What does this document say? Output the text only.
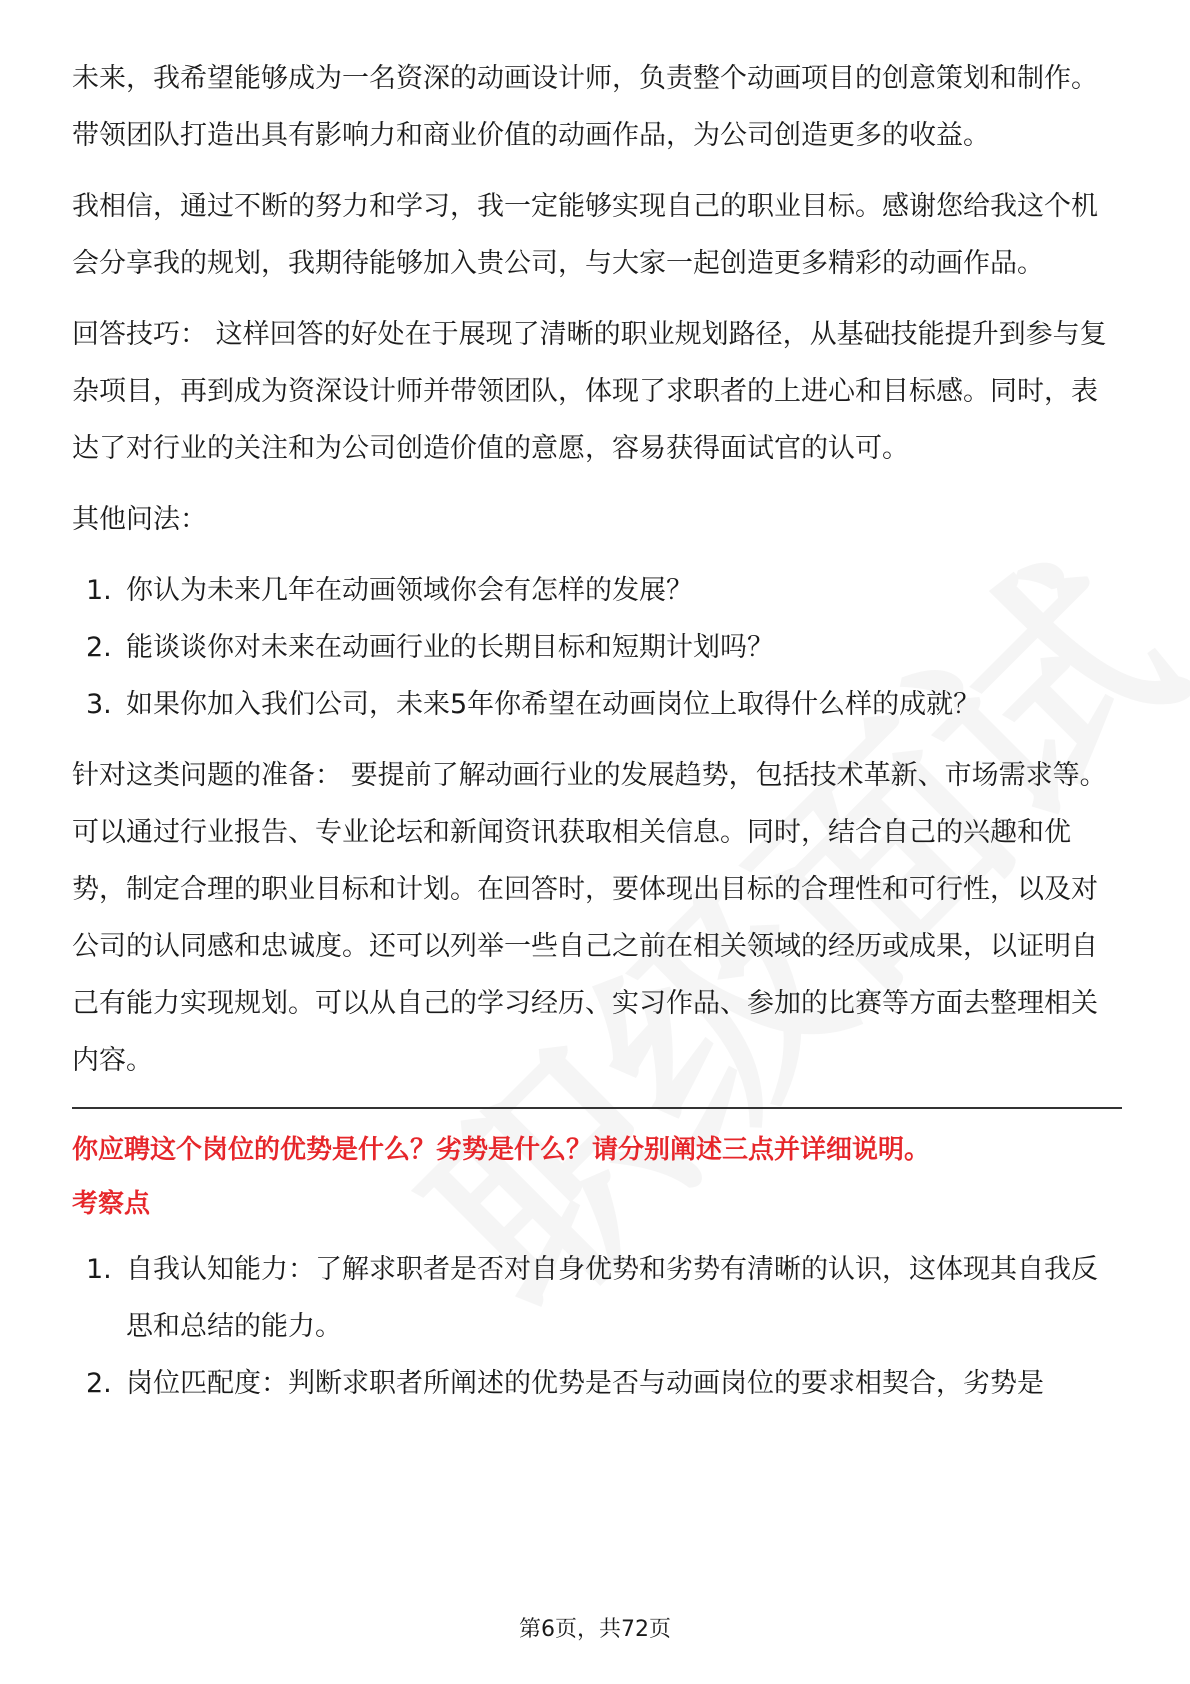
未来，我希望能够成为一名资深的动画设计师，负责整个动画项目的创意策划和制作。带领团队打造出具有影响力和商业价值的动画作品，为公司创造更多的收益。

我相信，通过不断的努力和学习，我一定能够实现自己的职业目标。感谢您给我这个机会分享我的规划，我期待能够加入贵公司，与大家一起创造更多精彩的动画作品。

回答技巧： 这样回答的好处在于展现了清晰的职业规划路径，从基础技能提升到参与复杂项目，再到成为资深设计师并带领团队，体现了求职者的上进心和目标感。同时，表达了对行业的关注和为公司创造价值的意愿，容易获得面试官的认可。

其他问法：

1. 你认为未来几年在动画领域你会有怎样的发展？
2. 能谈谈你对未来在动画行业的长期目标和短期计划吗？
3. 如果你加入我们公司，未来5年你希望在动画岗位上取得什么样的成就？

针对这类问题的准备： 要提前了解动画行业的发展趋势，包括技术革新、市场需求等。可以通过行业报告、专业论坛和新闻资讯获取相关信息。同时，结合自己的兴趣和优势，制定合理的职业目标和计划。在回答时，要体现出目标的合理性和可行性，以及对公司的认同感和忠诚度。还可以列举一些自己之前在相关领域的经历或成果，以证明自己有能力实现规划。可以从自己的学习经历、实习作品、参加的比赛等方面去整理相关内容。

你应聘这个岗位的优势是什么？劣势是什么？请分别阐述三点并详细说明。
考察点
1. 自我认知能力：了解求职者是否对自身优势和劣势有清晰的认识，这体现其自我反思和总结的能力。
2. 岗位匹配度：判断求职者所阐述的优势是否与动画岗位的要求相契合，劣势是
第6页，共72页
